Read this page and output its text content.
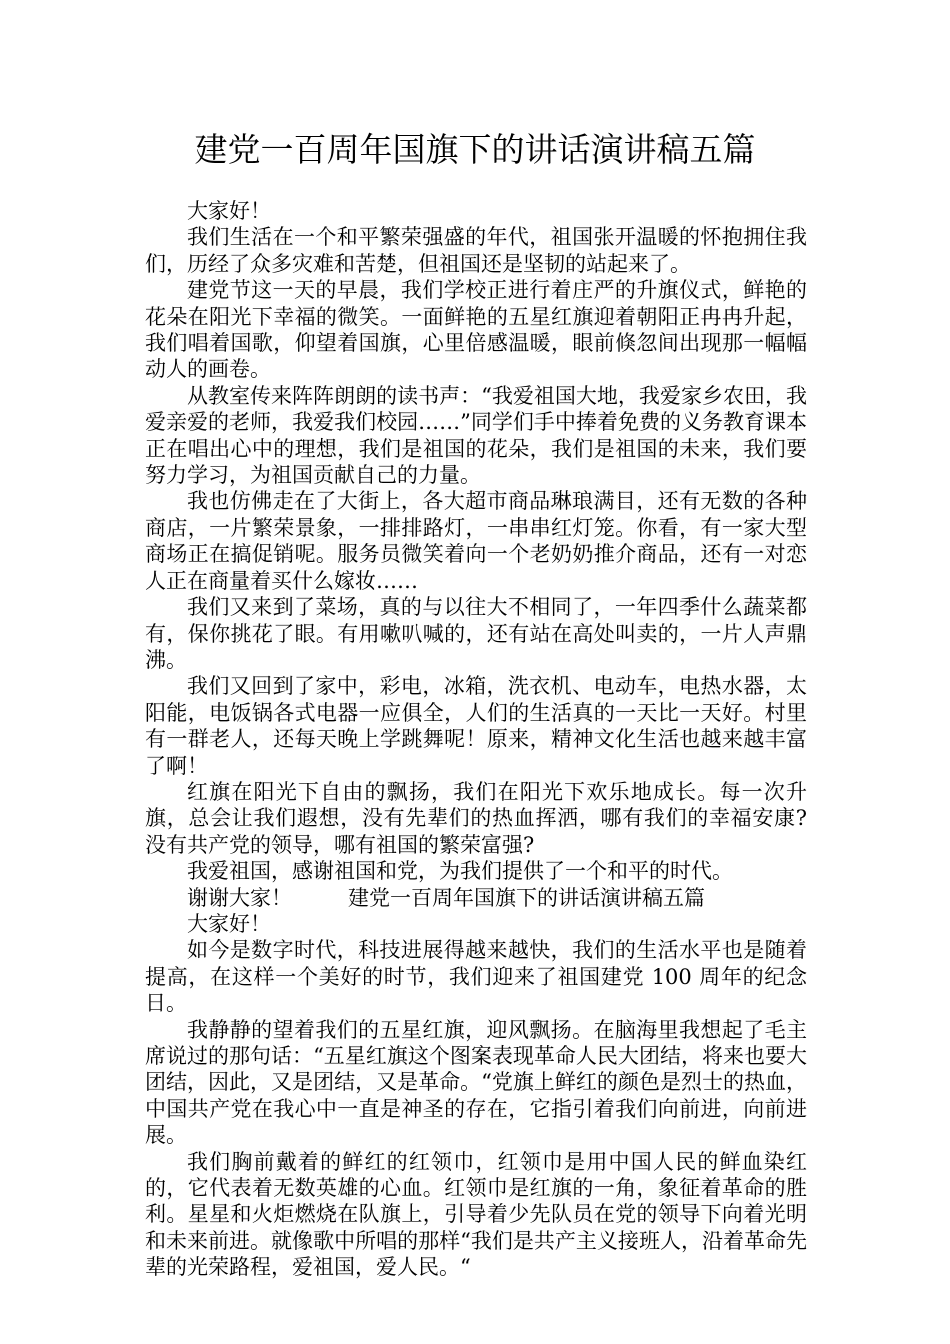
建党一百周年国旗下的讲话演讲稿五篇

大家好！

我们生活在一个和平繁荣强盛的年代，祖国张开温暖的怀抱拥住我们，历经了众多灾难和苦楚，但祖国还是坚韧的站起来了。

建党节这一天的早晨，我们学校正进行着庄严的升旗仪式，鲜艳的花朵在阳光下幸福的微笑。一面鲜艳的五星红旗迎着朝阳正冉冉升起，我们唱着国歌，仰望着国旗，心里倍感温暖，眼前倏忽间出现那一幅幅动人的画卷。

从教室传来阵阵朗朗的读书声：“我爱祖国大地，我爱家乡农田，我爱亲爱的老师，我爱我们校园……”同学们手中捧着免费的义务教育课本正在唱出心中的理想，我们是祖国的花朵，我们是祖国的未来，我们要努力学习，为祖国贡献自己的力量。

我也仿佛走在了大街上，各大超市商品琳琅满目，还有无数的各种商店，一片繁荣景象，一排排路灯，一串串红灯笼。你看，有一家大型商场正在搞促销呢。服务员微笑着向一个老奶奶推介商品，还有一对恋人正在商量着买什么嫁妆……

我们又来到了菜场，真的与以往大不相同了，一年四季什么蔬菜都有，保你挑花了眼。有用嗽叭喊的，还有站在高处叫卖的，一片人声鼎沸。

我们又回到了家中，彩电，冰箱，洗衣机、电动车，电热水器，太阳能，电饭锅各式电器一应俱全，人们的生活真的一天比一天好。村里有一群老人，还每天晚上学跳舞呢！原来，精神文化生活也越来越丰富了啊！

红旗在阳光下自由的飘扬，我们在阳光下欢乐地成长。每一次升旗，总会让我们遐想，没有先辈们的热血挥洒，哪有我们的幸福安康?没有共产党的领导，哪有祖国的繁荣富强?

我爱祖国，感谢祖国和党，为我们提供了一个和平的时代。

谢谢大家！	建党一百周年国旗下的讲话演讲稿五篇

大家好！

如今是数字时代，科技进展得越来越快，我们的生活水平也是随着提高，在这样一个美好的时节，我们迎来了祖国建党 100 周年的纪念日。

我静静的望着我们的五星红旗，迎风飘扬。在脑海里我想起了毛主席说过的那句话：“五星红旗这个图案表现革命人民大团结，将来也要大团结，因此，又是团结，又是革命。“党旗上鲜红的颜色是烈士的热血，中国共产党在我心中一直是神圣的存在，它指引着我们向前进，向前进展。

我们胸前戴着的鲜红的红领巾，红领巾是用中国人民的鲜血染红的，它代表着无数英雄的心血。红领巾是红旗的一角，象征着革命的胜利。星星和火炬燃烧在队旗上，引导着少先队员在党的领导下向着光明和未来前进。就像歌中所唱的那样“我们是共产主义接班人，沿着革命先辈的光荣路程，爱祖国，爱人民。“
